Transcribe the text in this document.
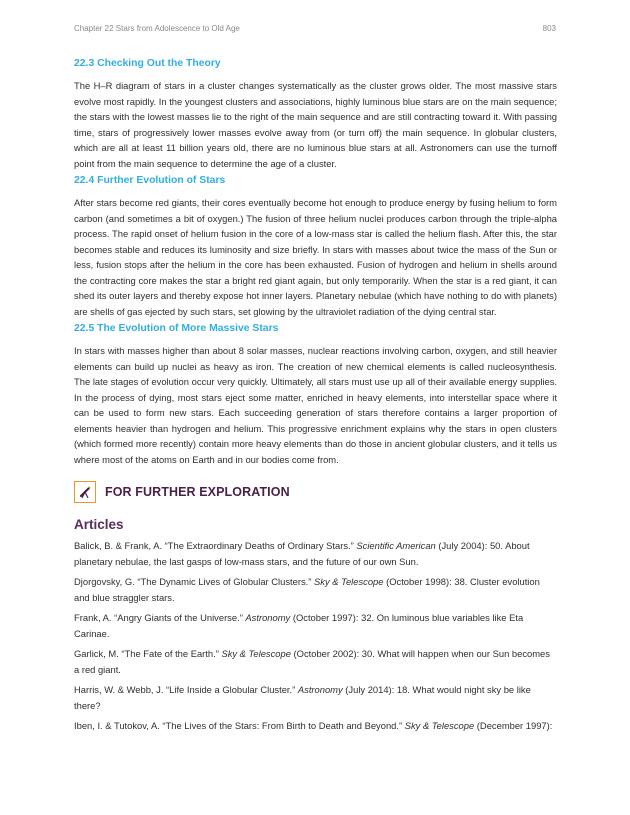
Chapter 22 Stars from Adolescence to Old Age	803
22.3 Checking Out the Theory

The H–R diagram of stars in a cluster changes systematically as the cluster grows older. The most massive stars evolve most rapidly. In the youngest clusters and associations, highly luminous blue stars are on the main sequence; the stars with the lowest masses lie to the right of the main sequence and are still contracting toward it. With passing time, stars of progressively lower masses evolve away from (or turn off) the main sequence. In globular clusters, which are all at least 11 billion years old, there are no luminous blue stars at all. Astronomers can use the turnoff point from the main sequence to determine the age of a cluster.

22.4 Further Evolution of Stars

After stars become red giants, their cores eventually become hot enough to produce energy by fusing helium to form carbon (and sometimes a bit of oxygen.) The fusion of three helium nuclei produces carbon through the triple-alpha process. The rapid onset of helium fusion in the core of a low-mass star is called the helium flash. After this, the star becomes stable and reduces its luminosity and size briefly. In stars with masses about twice the mass of the Sun or less, fusion stops after the helium in the core has been exhausted. Fusion of hydrogen and helium in shells around the contracting core makes the star a bright red giant again, but only temporarily. When the star is a red giant, it can shed its outer layers and thereby expose hot inner layers. Planetary nebulae (which have nothing to do with planets) are shells of gas ejected by such stars, set glowing by the ultraviolet radiation of the dying central star.

22.5 The Evolution of More Massive Stars

In stars with masses higher than about 8 solar masses, nuclear reactions involving carbon, oxygen, and still heavier elements can build up nuclei as heavy as iron. The creation of new chemical elements is called nucleosynthesis. The late stages of evolution occur very quickly. Ultimately, all stars must use up all of their available energy supplies. In the process of dying, most stars eject some matter, enriched in heavy elements, into interstellar space where it can be used to form new stars. Each succeeding generation of stars therefore contains a larger proportion of elements heavier than hydrogen and helium. This progressive enrichment explains why the stars in open clusters (which formed more recently) contain more heavy elements than do those in ancient globular clusters, and it tells us where most of the atoms on Earth and in our bodies come from.

FOR FURTHER EXPLORATION
Articles

Balick, B. & Frank, A. “The Extraordinary Deaths of Ordinary Stars.” Scientific American (July 2004): 50. About planetary nebulae, the last gasps of low-mass stars, and the future of our own Sun.

Djorgovsky, G. “The Dynamic Lives of Globular Clusters.” Sky & Telescope (October 1998): 38. Cluster evolution and blue straggler stars.

Frank, A. “Angry Giants of the Universe.” Astronomy (October 1997): 32. On luminous blue variables like Eta Carinae.

Garlick, M. “The Fate of the Earth.” Sky & Telescope (October 2002): 30. What will happen when our Sun becomes a red giant.

Harris, W. & Webb, J. “Life Inside a Globular Cluster.” Astronomy (July 2014): 18. What would night sky be like there?

Iben, I. & Tutokov, A. “The Lives of the Stars: From Birth to Death and Beyond.” Sky & Telescope (December 1997):
